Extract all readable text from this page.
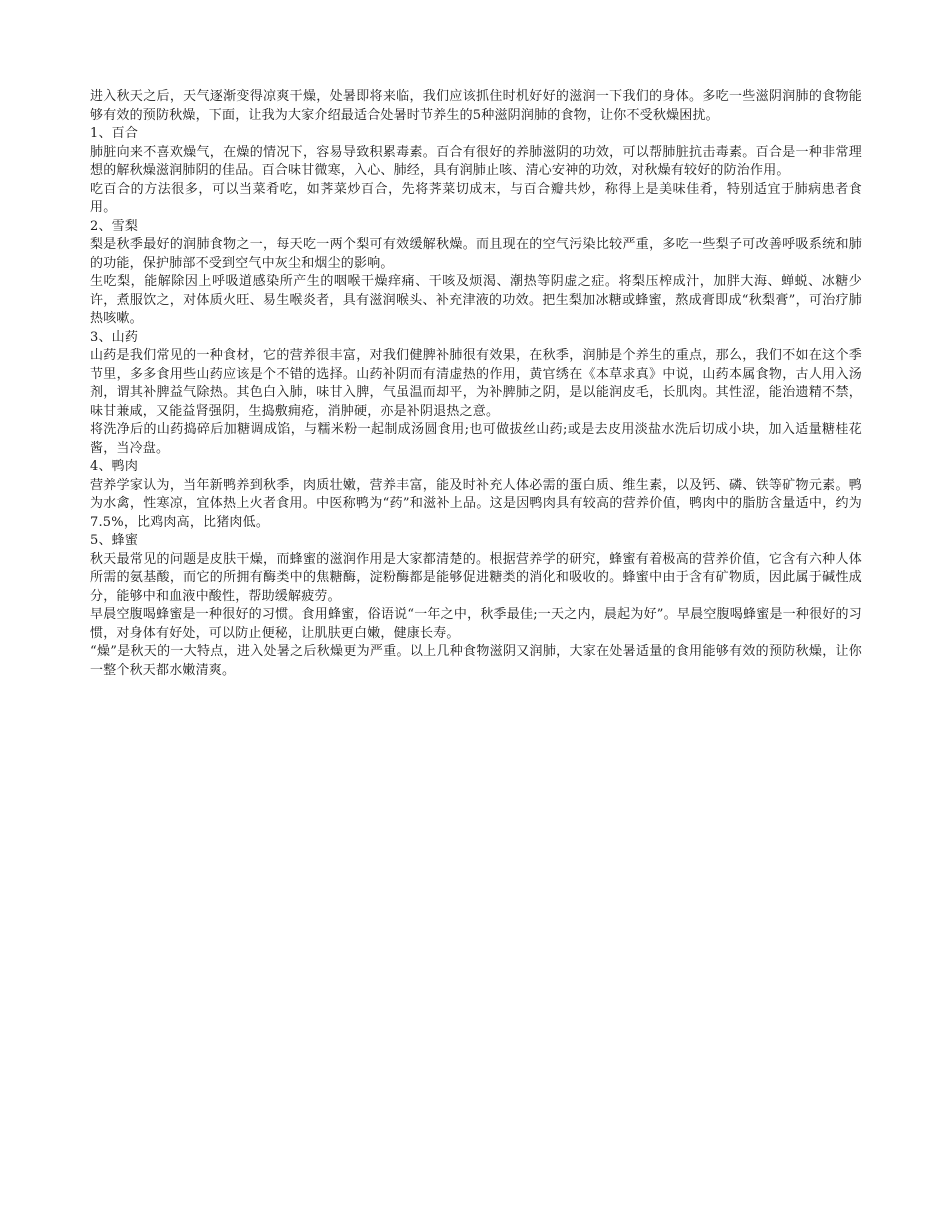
进入秋天之后，天气逐渐变得凉爽干燥，处暑即将来临，我们应该抓住时机好好的滋润一下我们的身体。多吃一些滋阴润肺的食物能够有效的预防秋燥，下面，让我为大家介绍最适合处暑时节养生的5种滋阴润肺的食物，让你不受秋燥困扰。

1、百合

肺脏向来不喜欢燥气，在燥的情况下，容易导致积累毒素。百合有很好的养肺滋阴的功效，可以帮肺脏抗击毒素。百合是一种非常理想的解秋燥滋润肺阴的佳品。百合味甘微寒，入心、肺经，具有润肺止咳、清心安神的功效，对秋燥有较好的防治作用。

吃百合的方法很多，可以当菜肴吃，如荠菜炒百合，先将荠菜切成末，与百合瓣共炒，称得上是美味佳肴，特别适宜于肺病患者食用。

2、雪梨

梨是秋季最好的润肺食物之一，每天吃一两个梨可有效缓解秋燥。而且现在的空气污染比较严重，多吃一些梨子可改善呼吸系统和肺的功能，保护肺部不受到空气中灰尘和烟尘的影响。

生吃梨，能解除因上呼吸道感染所产生的咽喉干燥痒痛、干咳及烦渴、潮热等阴虚之症。将梨压榨成汁，加胖大海、蝉蜕、冰糖少许，煮服饮之，对体质火旺、易生喉炎者，具有滋润喉头、补充津液的功效。把生梨加冰糖或蜂蜜，熬成膏即成“秋梨膏”，可治疗肺热咳嗽。

3、山药

山药是我们常见的一种食材，它的营养很丰富，对我们健脾补肺很有效果，在秋季，润肺是个养生的重点，那么，我们不如在这个季节里，多多食用些山药应该是个不错的选择。山药补阴而有清虚热的作用，黄官绣在《本草求真》中说，山药本属食物，古人用入汤剂，谓其补脾益气除热。其色白入肺，味甘入脾，气虽温而却平，为补脾肺之阴，是以能润皮毛，长肌肉。其性涩，能治遗精不禁，味甘兼咸，又能益肾强阴，生捣敷痈疮，消肿硬，亦是补阴退热之意。

将洗净后的山药捣碎后加糖调成馅，与糯米粉一起制成汤圆食用;也可做拔丝山药;或是去皮用淡盐水洗后切成小块，加入适量糖桂花酱，当冷盘。

4、鸭肉

营养学家认为，当年新鸭养到秋季，肉质壮嫩，营养丰富，能及时补充人体必需的蛋白质、维生素，以及钙、磷、铁等矿物元素。鸭为水禽，性寒凉，宜体热上火者食用。中医称鸭为“药”和滋补上品。这是因鸭肉具有较高的营养价值，鸭肉中的脂肪含量适中，约为7.5%，比鸡肉高，比猪肉低。

5、蜂蜜

秋天最常见的问题是皮肤干燥，而蜂蜜的滋润作用是大家都清楚的。根据营养学的研究，蜂蜜有着极高的营养价值，它含有六种人体所需的氨基酸，而它的所拥有酶类中的焦糖酶，淀粉酶都是能够促进糖类的消化和吸收的。蜂蜜中由于含有矿物质，因此属于碱性成分，能够中和血液中酸性，帮助缓解疲劳。

早晨空腹喝蜂蜜是一种很好的习惯。食用蜂蜜，俗语说“一年之中，秋季最佳;一天之内，晨起为好”。早晨空腹喝蜂蜜是一种很好的习惯，对身体有好处，可以防止便秘，让肌肤更白嫩，健康长寿。

“燥”是秋天的一大特点，进入处暑之后秋燥更为严重。以上几种食物滋阴又润肺，大家在处暑适量的食用能够有效的预防秋燥，让你一整个秋天都水嫩清爽。
